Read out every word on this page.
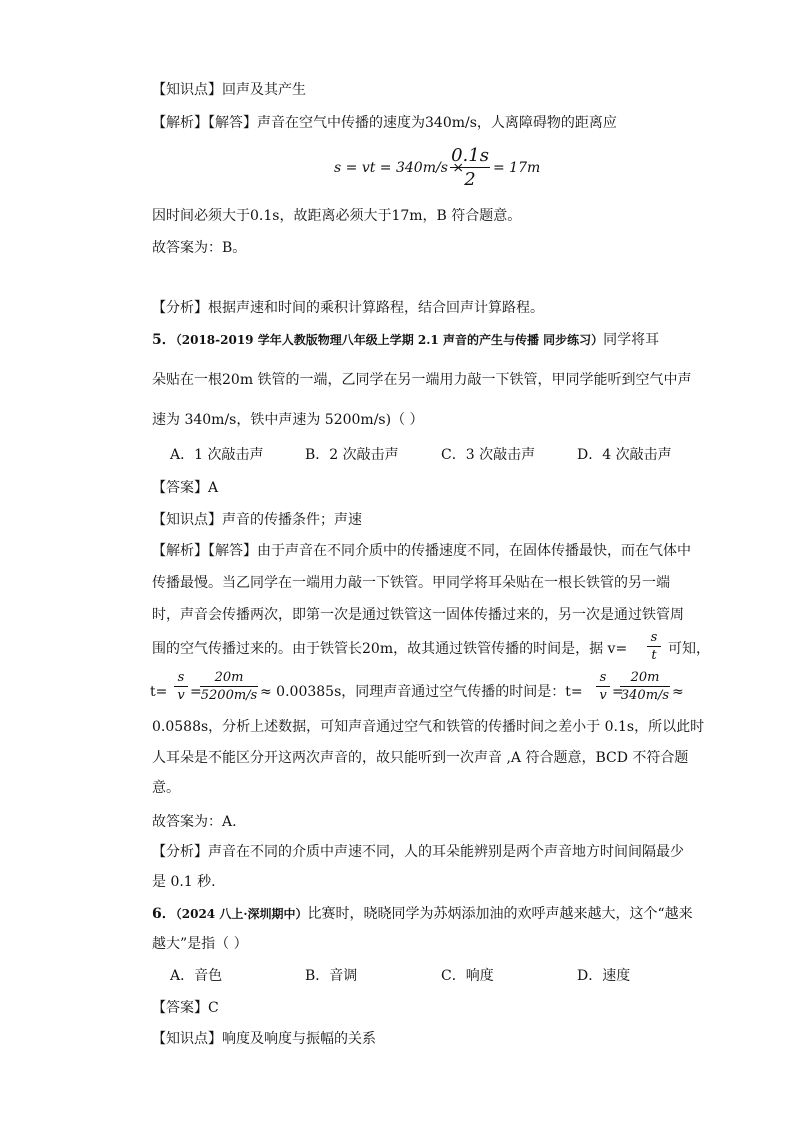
【知识点】回声及其产生
【解析】【解答】声音在空气中传播的速度为340m/s，人离障碍物的距离应
s = vt = 340m/s ×
0.1s
2
= 17m
因时间必须大于0.1s，故距离必须大于17m，B 符合题意。
故答案为：B。
【分析】根据声速和时间的乘积计算路程，结合回声计算路程。
5．（2018-2019 学年人教版物理八年级上学期 2.1 声音的产生与传播 同步练习）同学将耳
朵贴在一根20m 铁管的一端，乙同学在另一端用力敲一下铁管，甲同学能听到空气中声
速为 340m/s，铁中声速为 5200m/s)（ ）
A．1 次敲击声	B．2 次敲击声	C．3 次敲击声	D．4 次敲击声
【答案】A
【知识点】声音的传播条件；声速
【解析】【解答】由于声音在不同介质中的传播速度不同，在固体传播最快，而在气体中
传播最慢。当乙同学在一端用力敲一下铁管。甲同学将耳朵贴在一根长铁管的另一端
时，声音会传播两次，即第一次是通过铁管这一固体传播过来的，另一次是通过铁管周
围的空气传播过来的。由于铁管长20m，故其通过铁管传播的时间是，据 v=
s
t 可知，
t=
s
v =
20m
5200m/s ≈ 0.00385s，同理声音通过空气传播的时间是：t=
s
v =
20m
340m/s ≈
0.0588s，分析上述数据，可知声音通过空气和铁管的传播时间之差小于 0.1s，所以此时
人耳朵是不能区分开这两次声音的，故只能听到一次声音 ,A 符合题意，BCD 不符合题
意。
故答案为：A.
【分析】声音在不同的介质中声速不同，人的耳朵能辨别是两个声音地方时间间隔最少
是 0.1 秒.
6．（2024 八上·深圳期中）比赛时，晓晓同学为苏炳添加油的欢呼声越来越大，这个“越来
越大”是指（ ）
A．音色	B．音调	C．响度	D．速度
【答案】C
【知识点】响度及响度与振幅的关系
